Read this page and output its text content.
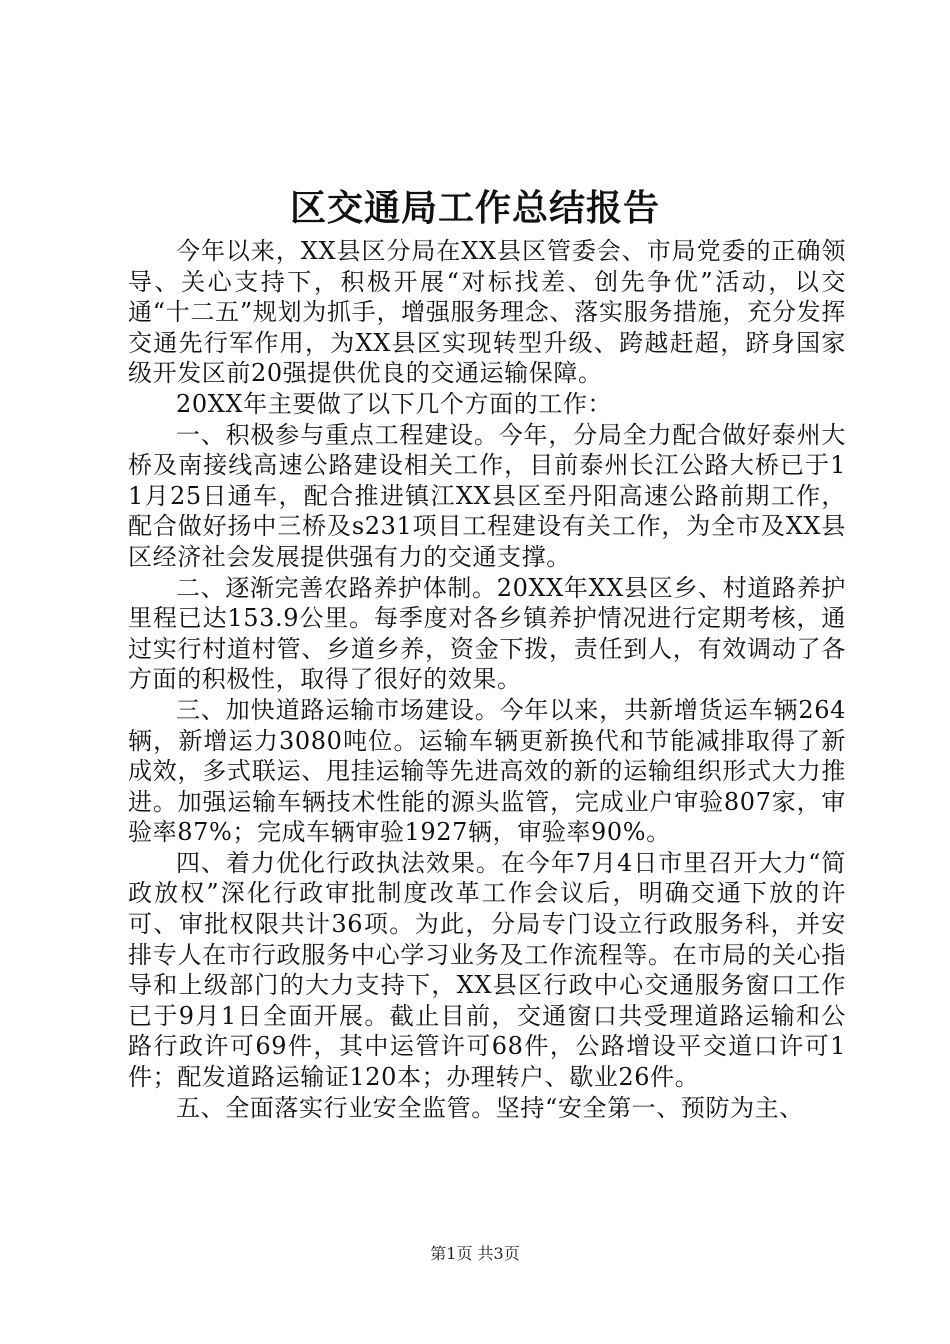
区交通局工作总结报告

今年以来，XX县区分局在XX县区管委会、市局党委的正确领导、关心支持下，积极开展“对标找差、创先争优”活动，以交通“十二五”规划为抓手，增强服务理念、落实服务措施，充分发挥交通先行军作用，为XX县区实现转型升级、跨越赶超，跻身国家级开发区前20强提供优良的交通运输保障。

20XX年主要做了以下几个方面的工作：

一、积极参与重点工程建设。今年，分局全力配合做好泰州大桥及南接线高速公路建设相关工作，目前泰州长江公路大桥已于11月25日通车，配合推进镇江XX县区至丹阳高速公路前期工作，配合做好扬中三桥及s231项目工程建设有关工作，为全市及XX县区经济社会发展提供强有力的交通支撑。

二、逐渐完善农路养护体制。20XX年XX县区乡、村道路养护里程已达153.9公里。每季度对各乡镇养护情况进行定期考核，通过实行村道村管、乡道乡养，资金下拨，责任到人，有效调动了各方面的积极性，取得了很好的效果。

三、加快道路运输市场建设。今年以来，共新增货运车辆264辆，新增运力3080吨位。运输车辆更新换代和节能减排取得了新成效，多式联运、甩挂运输等先进高效的新的运输组织形式大力推进。加强运输车辆技术性能的源头监管，完成业户审验807家，审验率87%；完成车辆审验1927辆，审验率90%。

四、着力优化行政执法效果。在今年7月4日市里召开大力“简政放权”深化行政审批制度改革工作会议后，明确交通下放的许可、审批权限共计36项。为此，分局专门设立行政服务科，并安排专人在市行政服务中心学习业务及工作流程等。在市局的关心指导和上级部门的大力支持下，XX县区行政中心交通服务窗口工作已于9月1日全面开展。截止目前，交通窗口共受理道路运输和公路行政许可69件，其中运管许可68件，公路增设平交道口许可1件；配发道路运输证120本；办理转户、歇业26件。

五、全面落实行业安全监管。坚持“安全第一、预防为主、

第1页 共3页
